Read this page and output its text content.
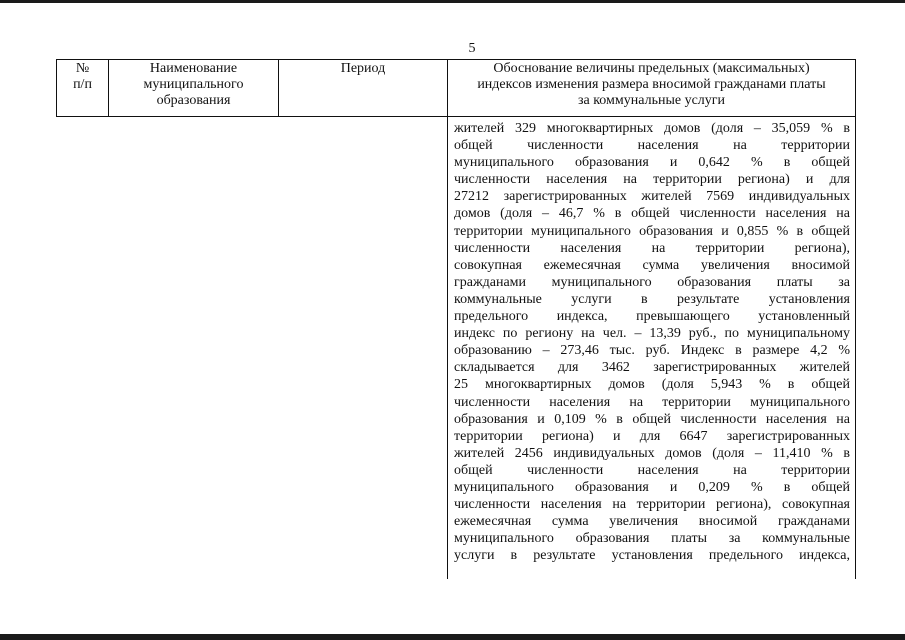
5
№
п/п
Наименование
муниципального
образования
Период	Обоснование величины предельных (максимальных)
индексов изменения размера вносимой гражданами платы
за коммунальные услуги
жителей 329 многоквартирных домов (доля – 35,059 % в
общей численности населения на территории
муниципального образования и 0,642 % в общей
численности населения на территории региона) и для
27212 зарегистрированных жителей 7569 индивидуальных
домов (доля – 46,7 % в общей численности населения на
территории муниципального образования и 0,855 % в общей
численности населения на территории региона),
совокупная ежемесячная сумма увеличения вносимой
гражданами муниципального образования платы за
коммунальные услуги в результате установления
предельного индекса, превышающего установленный
индекс по региону на чел. – 13,39 руб., по муниципальному
образованию – 273,46 тыс. руб. Индекс в размере 4,2 %
складывается для 3462 зарегистрированных жителей
25 многоквартирных домов (доля 5,943 % в общей
численности населения на территории муниципального
образования и 0,109 % в общей численности населения на
территории региона) и для 6647 зарегистрированных
жителей 2456 индивидуальных домов (доля – 11,410 % в
общей численности населения на территории
муниципального образования и 0,209 % в общей
численности населения на территории региона), совокупная
ежемесячная сумма увеличения вносимой гражданами
муниципального образования платы за коммунальные
услуги в результате установления предельного индекса,
